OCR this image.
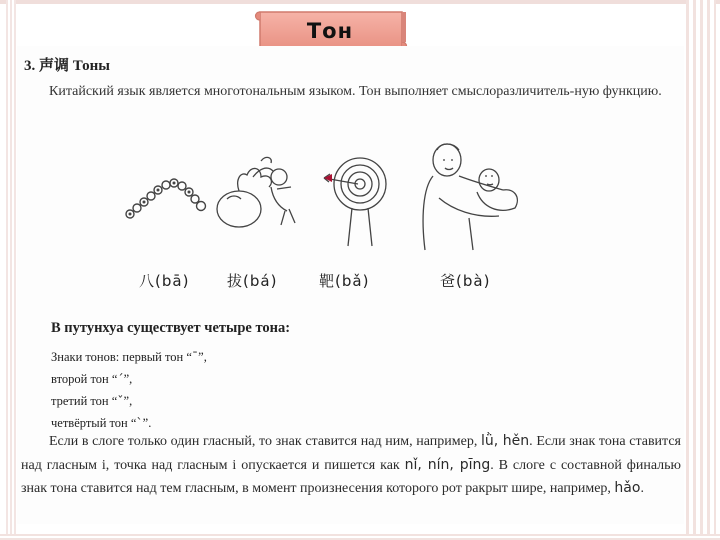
Тон
3. 声调 Тоны
Китайский язык является многотональным языком. Тон выполняет смыслоразличитель-ную функцию.
八(bā)	拔(bá)	靶(bǎ)	爸(bà)
В путунхуа существует четыре тона:
Знаки тонов: первый тон “ˉ”,
второй тон “ˊ”,
третий тон “ˇ”,
четвёртый тон “ˋ”.
Если в слоге только один гласный, то знак ставится над ним, например, lǜ, hěn. Если знак тона ставится над гласным i, точка над гласным i опускается и пишется как nǐ, nín, pīng. В слоге с составной финалью знак тона ставится над тем гласным, в момент произнесения которого рот ракрыт шире, например, hǎo.
